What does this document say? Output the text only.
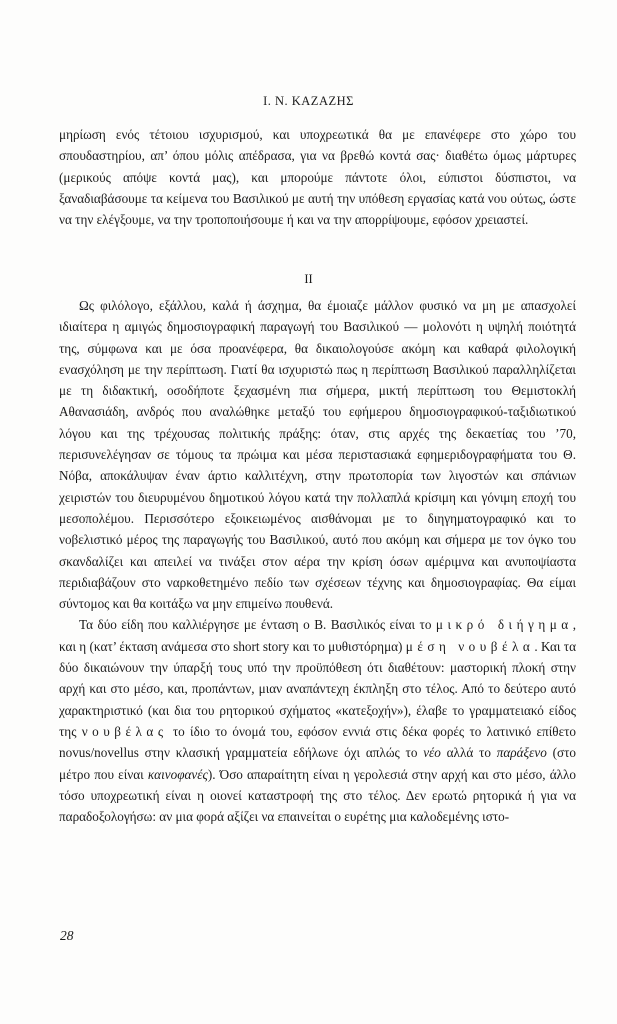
Ι. Ν. ΚΑΖΑΖΗΣ

μηρίωση ενός τέτοιου ισχυρισμού, και υποχρεωτικά θα με επανέφερε στο χώρο του σπουδαστηρίου, απ’ όπου μόλις απέδρασα, για να βρεθώ κοντά σας· διαθέτω όμως μάρτυρες (μερικούς απόψε κοντά μας), και μπορούμε πάντοτε όλοι, εύπιστοι δύσπιστοι, να ξαναδιαβάσουμε τα κείμενα του Βασιλικού με αυτή την υπόθεση εργασίας κατά νου ούτως, ώστε να την ελέγξουμε, να την τροποποιήσουμε ή και να την απορρίψουμε, εφόσον χρειαστεί.

II

Ως φιλόλογο, εξάλλου, καλά ή άσχημα, θα έμοιαζε μάλλον φυσικό να μη με απασχολεί ιδιαίτερα η αμιγώς δημοσιογραφική παραγωγή του Βασιλικού — μολονότι η υψηλή ποιότητά της, σύμφωνα και με όσα προανέφερα, θα δικαιολογούσε ακόμη και καθαρά φιλολογική ενασχόληση με την περίπτωση. Γιατί θα ισχυριστώ πως η περίπτωση Βασιλικού παραλληλίζεται με τη διδακτική, οσοδήποτε ξεχασμένη πια σήμερα, μικτή περίπτωση του Θεμιστοκλή Αθανασιάδη, ανδρός που αναλώθηκε μεταξύ του εφήμερου δημοσιογραφικού-ταξιδιωτικού λόγου και της τρέχουσας πολιτικής πράξης: όταν, στις αρχές της δεκαετίας του ’70, περισυνελέγησαν σε τόμους τα πρώιμα και μέσα περιστασιακά εφημεριδογραφήματα του Θ. Νόβα, αποκάλυψαν έναν άρτιο καλλιτέχνη, στην πρωτοπορία των λιγοστών και σπάνιων χειριστών του διευρυμένου δημοτικού λόγου κατά την πολλαπλά κρίσιμη και γόνιμη εποχή του μεσοπολέμου. Περισσότερο εξοικειωμένος αισθάνομαι με το διηγηματογραφικό και το νοβελιστικό μέρος της παραγωγής του Βασιλικού, αυτό που ακόμη και σήμερα με τον όγκο του σκανδαλίζει και απειλεί να τινάξει στον αέρα την κρίση όσων αμέριμνα και ανυποψίαστα περιδιαβάζουν στο ναρκοθετημένο πεδίο των σχέσεων τέχνης και δημοσιογραφίας. Θα είμαι σύντομος και θα κοιτάξω να μην επιμείνω πουθενά.

Τα δύο είδη που καλλιέργησε με ένταση ο Β. Βασιλικός είναι το μικρό διήγημα, και η (κατ’ έκταση ανάμεσα στο short story και το μυθιστόρημα) μέση νουβέλα. Και τα δύο δικαιώνουν την ύπαρξή τους υπό την προϋπόθεση ότι διαθέτουν: μαστορική πλοκή στην αρχή και στο μέσο, και, προπάντων, μιαν αναπάντεχη έκπληξη στο τέλος. Από το δεύτερο αυτό χαρακτηριστικό (και δια του ρητορικού σχήματος «κατεξοχήν»), έλαβε το γραμματειακό είδος της νουβέλας το ίδιο το όνομά του, εφόσον εννιά στις δέκα φορές το λατινικό επίθετο novus/novellus στην κλασική γραμματεία εδήλωνε όχι απλώς το νέο αλλά το παράξενο (στο μέτρο που είναι καινοφανές). Όσο απαραίτητη είναι η γερολεσιά στην αρχή και στο μέσο, άλλο τόσο υποχρεωτική είναι η οιονεί καταστροφή της στο τέλος. Δεν ερωτώ ρητορικά ή για να παραδοξολογήσω: αν μια φορά αξίζει να επαινείται ο ευρέτης μια καλοδεμένης ιστο-

28
